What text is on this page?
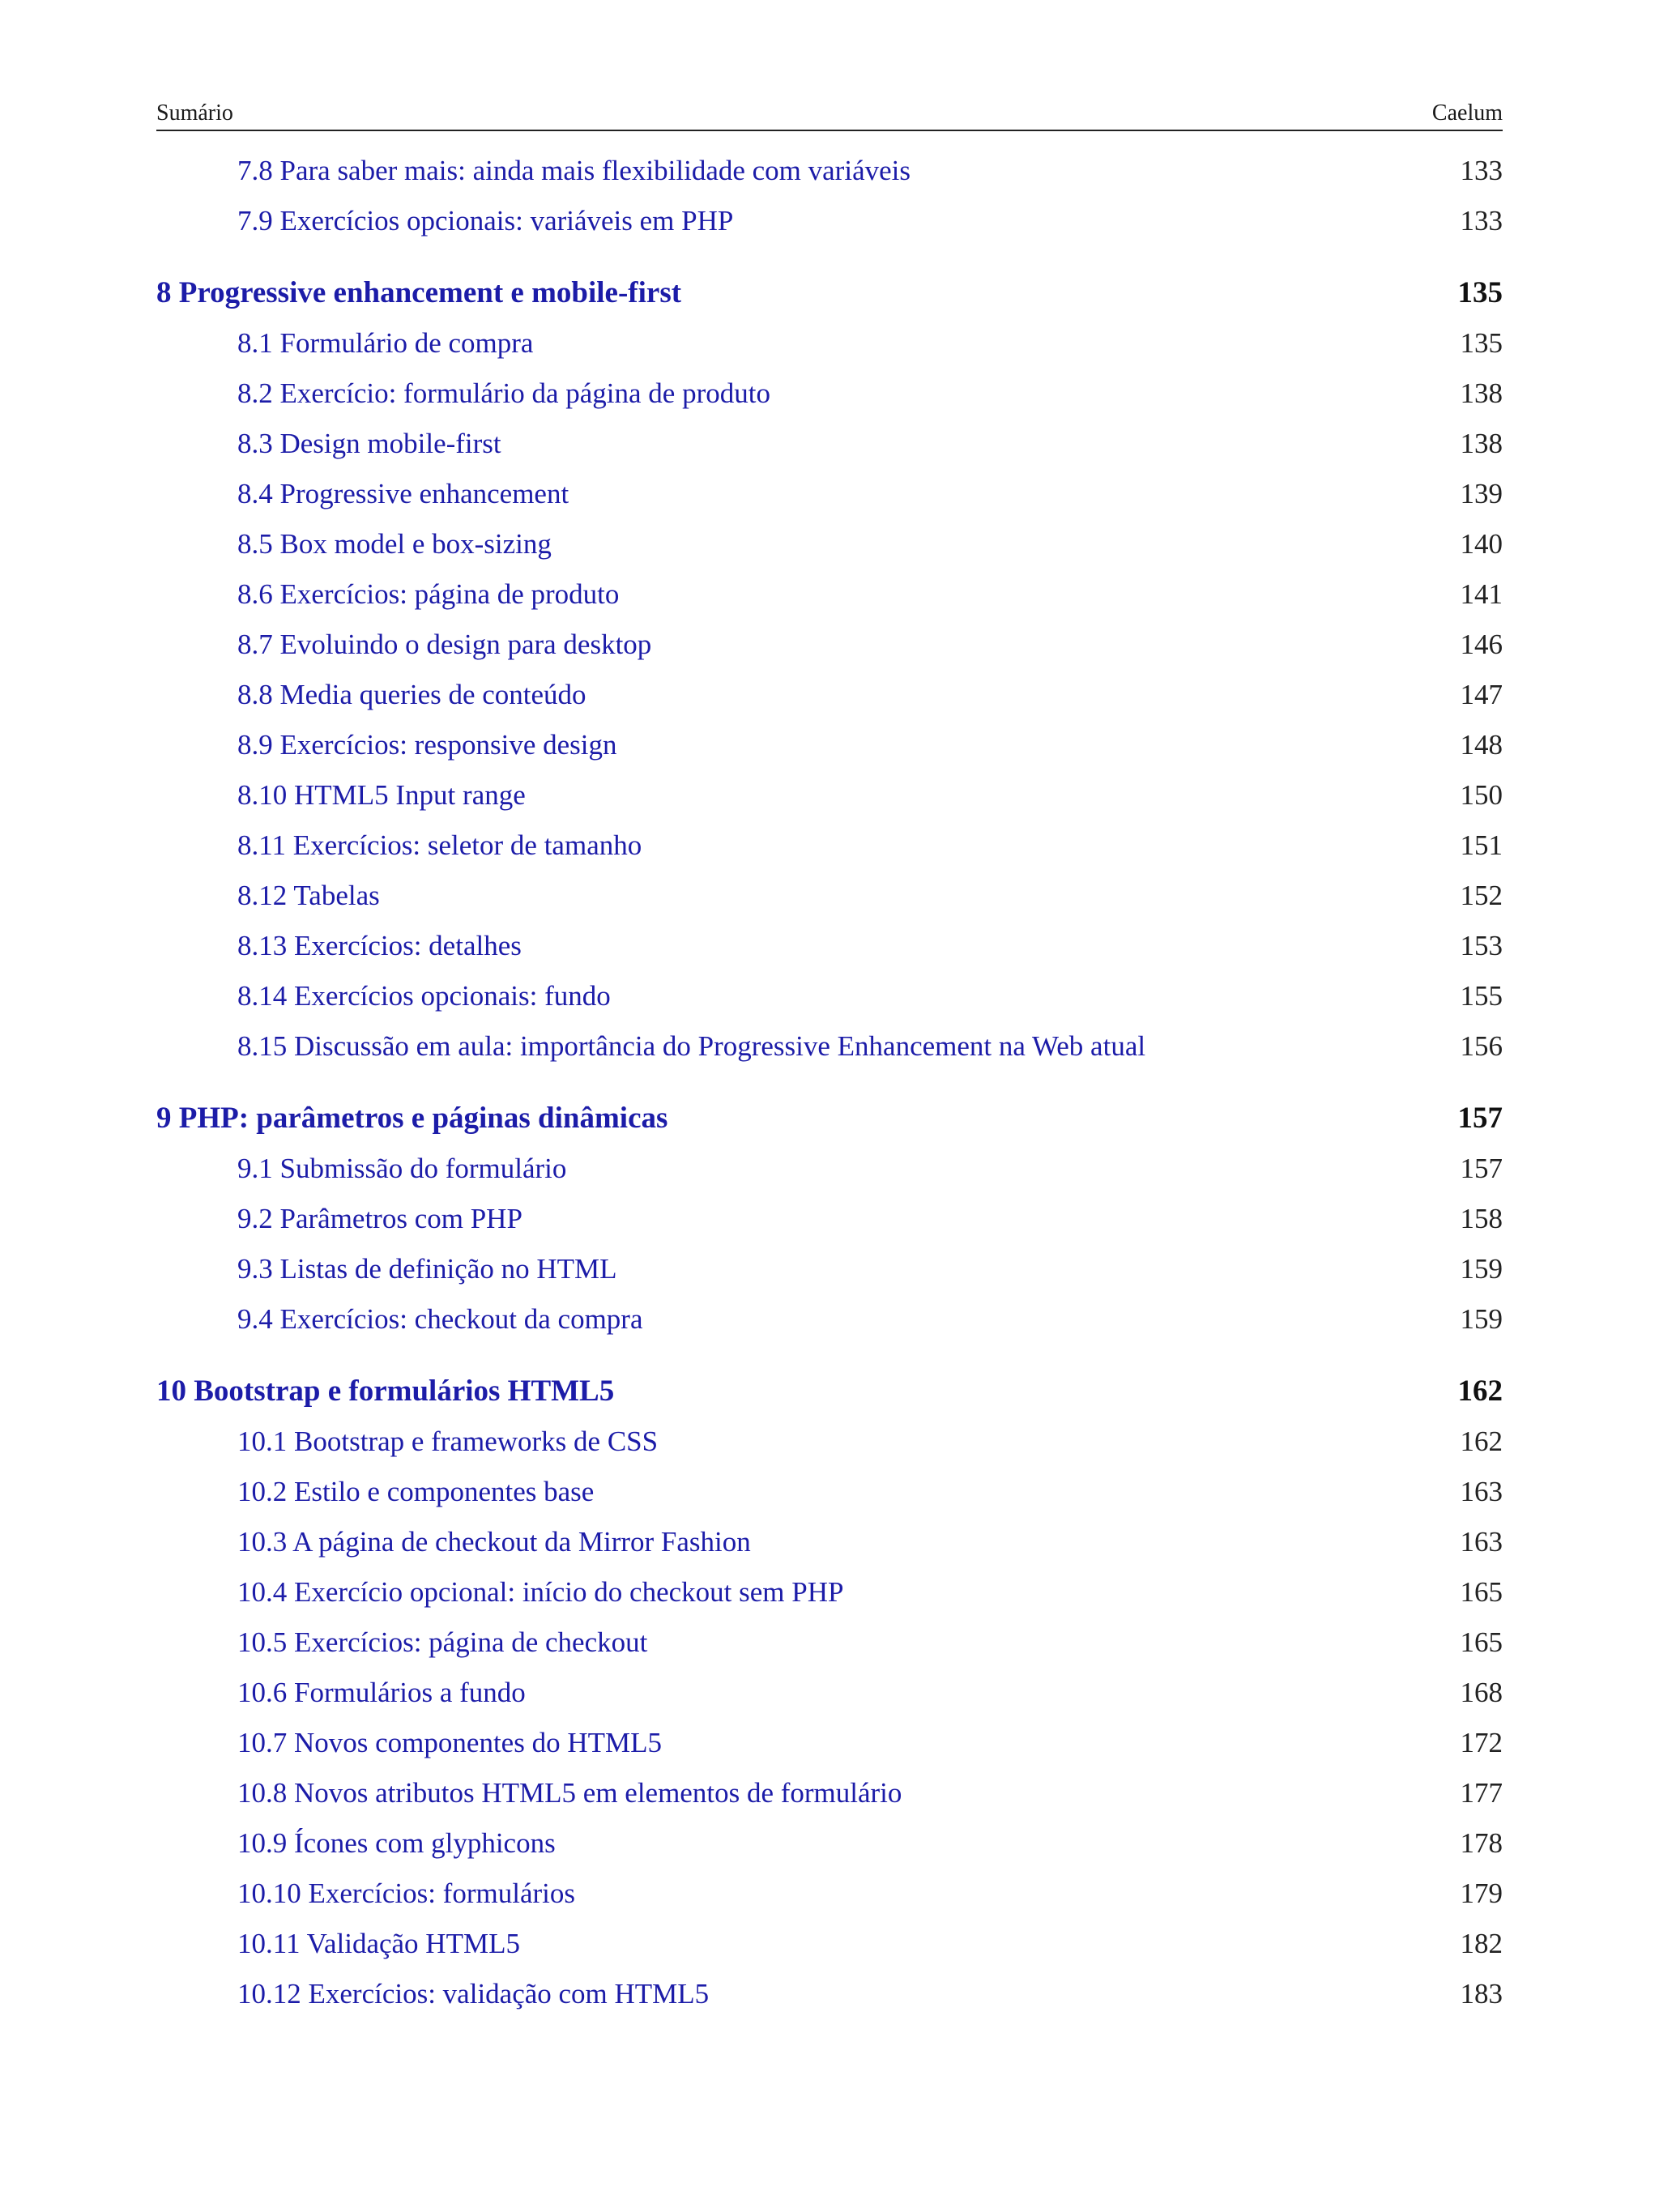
Sumário	Caelum
7.8 Para saber mais: ainda mais flexibilidade com variáveis	133
7.9 Exercícios opcionais: variáveis em PHP	133
8 Progressive enhancement e mobile-first	135
8.1 Formulário de compra	135
8.2 Exercício: formulário da página de produto	138
8.3 Design mobile-first	138
8.4 Progressive enhancement	139
8.5 Box model e box-sizing	140
8.6 Exercícios: página de produto	141
8.7 Evoluindo o design para desktop	146
8.8 Media queries de conteúdo	147
8.9 Exercícios: responsive design	148
8.10 HTML5 Input range	150
8.11 Exercícios: seletor de tamanho	151
8.12 Tabelas	152
8.13 Exercícios: detalhes	153
8.14 Exercícios opcionais: fundo	155
8.15 Discussão em aula: importância do Progressive Enhancement na Web atual	156
9 PHP: parâmetros e páginas dinâmicas	157
9.1 Submissão do formulário	157
9.2 Parâmetros com PHP	158
9.3 Listas de definição no HTML	159
9.4 Exercícios: checkout da compra	159
10 Bootstrap e formulários HTML5	162
10.1 Bootstrap e frameworks de CSS	162
10.2 Estilo e componentes base	163
10.3 A página de checkout da Mirror Fashion	163
10.4 Exercício opcional: início do checkout sem PHP	165
10.5 Exercícios: página de checkout	165
10.6 Formulários a fundo	168
10.7 Novos componentes do HTML5	172
10.8 Novos atributos HTML5 em elementos de formulário	177
10.9 Ícones com glyphicons	178
10.10 Exercícios: formulários	179
10.11 Validação HTML5	182
10.12 Exercícios: validação com HTML5	183
